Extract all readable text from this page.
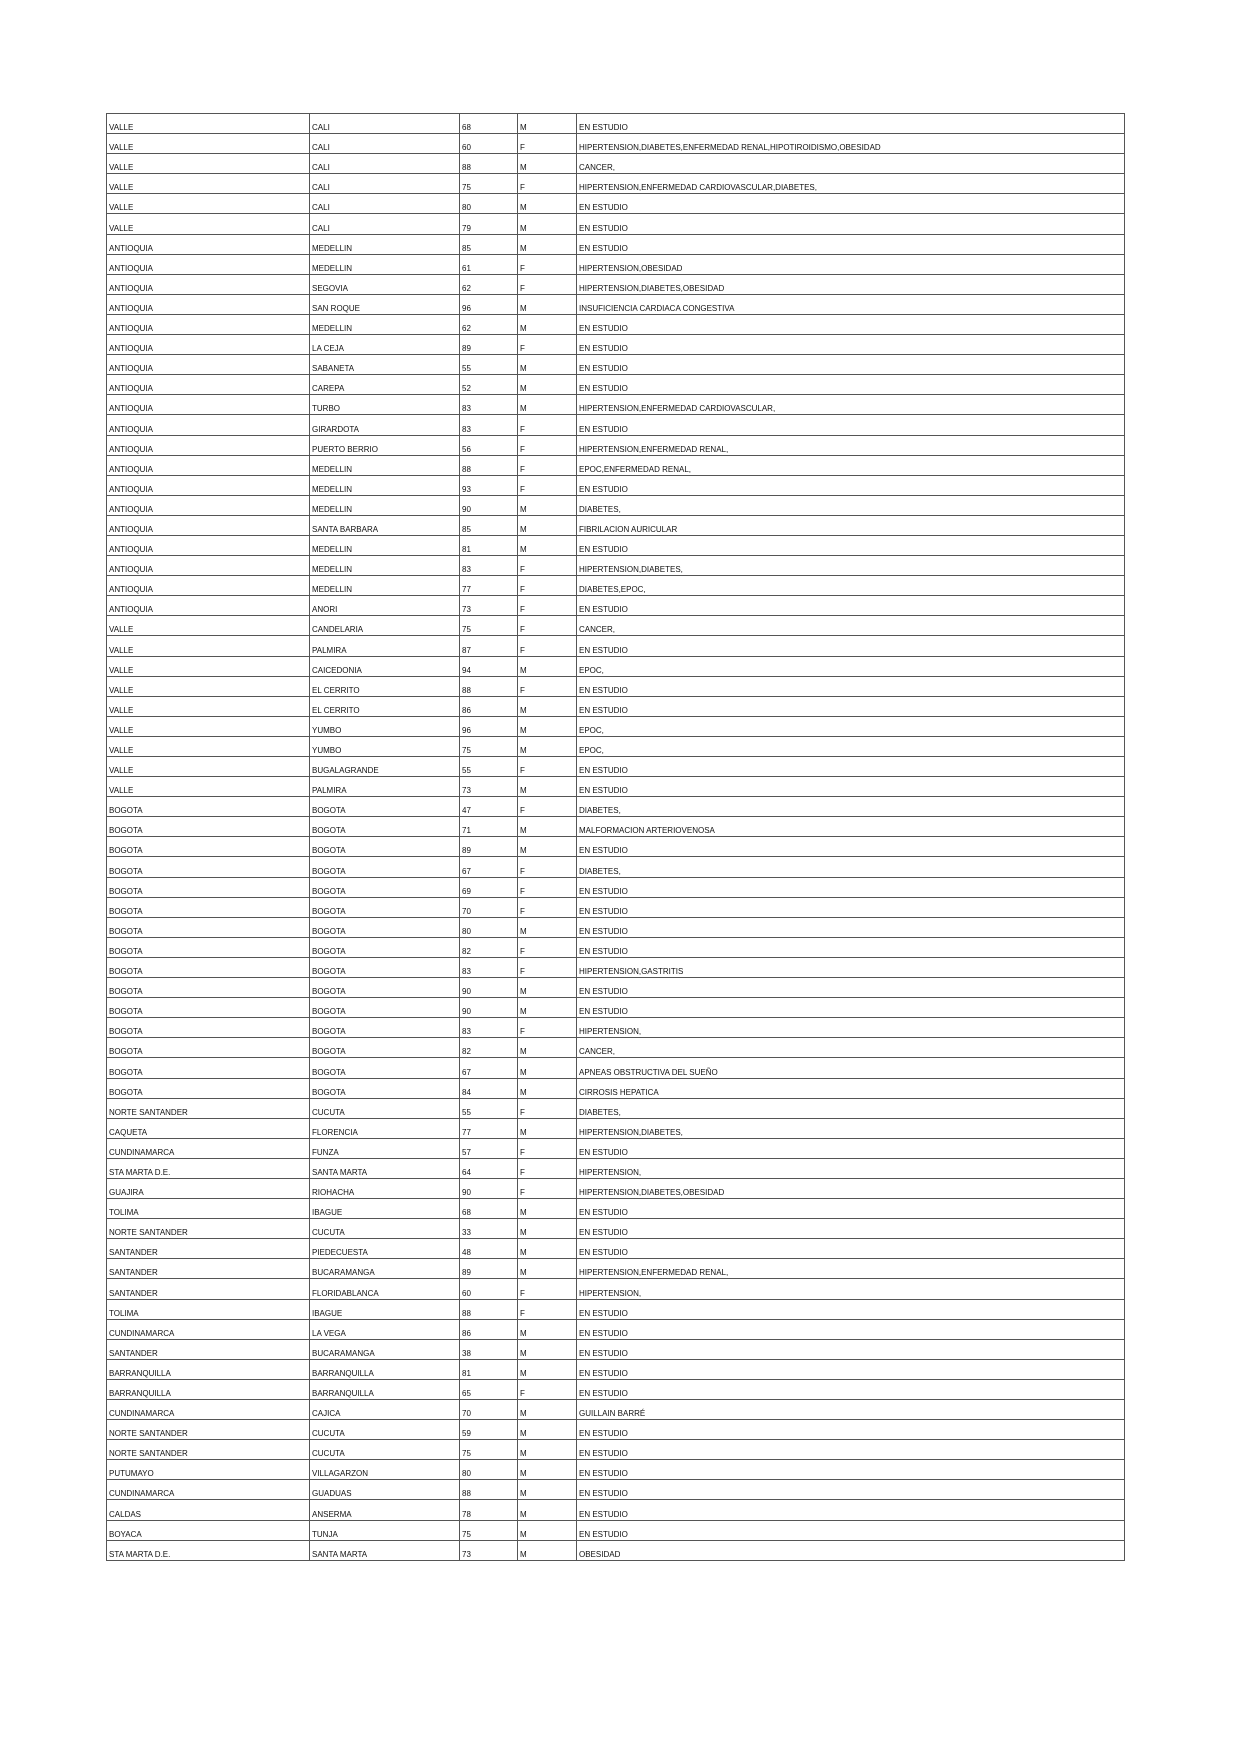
VALLE	CALI	68	M	EN ESTUDIO
VALLE	CALI	60	F	HIPERTENSION,DIABETES,ENFERMEDAD RENAL,HIPOTIROIDISMO,OBESIDAD
VALLE	CALI	88	M	CANCER,
VALLE	CALI	75	F	HIPERTENSION,ENFERMEDAD CARDIOVASCULAR,DIABETES,
VALLE	CALI	80	M	EN ESTUDIO
VALLE	CALI	79	M	EN ESTUDIO
ANTIOQUIA	MEDELLIN	85	M	EN ESTUDIO
ANTIOQUIA	MEDELLIN	61	F	HIPERTENSION,OBESIDAD
ANTIOQUIA	SEGOVIA	62	F	HIPERTENSION,DIABETES,OBESIDAD
ANTIOQUIA	SAN ROQUE	96	M	INSUFICIENCIA CARDIACA CONGESTIVA
ANTIOQUIA	MEDELLIN	62	M	EN ESTUDIO
ANTIOQUIA	LA CEJA	89	F	EN ESTUDIO
ANTIOQUIA	SABANETA	55	M	EN ESTUDIO
ANTIOQUIA	CAREPA	52	M	EN ESTUDIO
ANTIOQUIA	TURBO	83	M	HIPERTENSION,ENFERMEDAD CARDIOVASCULAR,
ANTIOQUIA	GIRARDOTA	83	F	EN ESTUDIO
ANTIOQUIA	PUERTO BERRIO	56	F	HIPERTENSION,ENFERMEDAD RENAL,
ANTIOQUIA	MEDELLIN	88	F	EPOC,ENFERMEDAD RENAL,
ANTIOQUIA	MEDELLIN	93	F	EN ESTUDIO
ANTIOQUIA	MEDELLIN	90	M	DIABETES,
ANTIOQUIA	SANTA BARBARA	85	M	FIBRILACION AURICULAR
ANTIOQUIA	MEDELLIN	81	M	EN ESTUDIO
ANTIOQUIA	MEDELLIN	83	F	HIPERTENSION,DIABETES,
ANTIOQUIA	MEDELLIN	77	F	DIABETES,EPOC,
ANTIOQUIA	ANORI	73	F	EN ESTUDIO
VALLE	CANDELARIA	75	F	CANCER,
VALLE	PALMIRA	87	F	EN ESTUDIO
VALLE	CAICEDONIA	94	M	EPOC,
VALLE	EL CERRITO	88	F	EN ESTUDIO
VALLE	EL CERRITO	86	M	EN ESTUDIO
VALLE	YUMBO	96	M	EPOC,
VALLE	YUMBO	75	M	EPOC,
VALLE	BUGALAGRANDE	55	F	EN ESTUDIO
VALLE	PALMIRA	73	M	EN ESTUDIO
BOGOTA	BOGOTA	47	F	DIABETES,
BOGOTA	BOGOTA	71	M	MALFORMACION ARTERIOVENOSA
BOGOTA	BOGOTA	89	M	EN ESTUDIO
BOGOTA	BOGOTA	67	F	DIABETES,
BOGOTA	BOGOTA	69	F	EN ESTUDIO
BOGOTA	BOGOTA	70	F	EN ESTUDIO
BOGOTA	BOGOTA	80	M	EN ESTUDIO
BOGOTA	BOGOTA	82	F	EN ESTUDIO
BOGOTA	BOGOTA	83	F	HIPERTENSION,GASTRITIS
BOGOTA	BOGOTA	90	M	EN ESTUDIO
BOGOTA	BOGOTA	90	M	EN ESTUDIO
BOGOTA	BOGOTA	83	F	HIPERTENSION,
BOGOTA	BOGOTA	82	M	CANCER,
BOGOTA	BOGOTA	67	M	APNEAS OBSTRUCTIVA DEL SUEÑO
BOGOTA	BOGOTA	84	M	CIRROSIS HEPATICA
NORTE SANTANDER	CUCUTA	55	F	DIABETES,
CAQUETA	FLORENCIA	77	M	HIPERTENSION,DIABETES,
CUNDINAMARCA	FUNZA	57	F	EN ESTUDIO
STA MARTA D.E.	SANTA MARTA	64	F	HIPERTENSION,
GUAJIRA	RIOHACHA	90	F	HIPERTENSION,DIABETES,OBESIDAD
TOLIMA	IBAGUE	68	M	EN ESTUDIO
NORTE SANTANDER	CUCUTA	33	M	EN ESTUDIO
SANTANDER	PIEDECUESTA	48	M	EN ESTUDIO
SANTANDER	BUCARAMANGA	89	M	HIPERTENSION,ENFERMEDAD RENAL,
SANTANDER	FLORIDABLANCA	60	F	HIPERTENSION,
TOLIMA	IBAGUE	88	F	EN ESTUDIO
CUNDINAMARCA	LA VEGA	86	M	EN ESTUDIO
SANTANDER	BUCARAMANGA	38	M	EN ESTUDIO
BARRANQUILLA	BARRANQUILLA	81	M	EN ESTUDIO
BARRANQUILLA	BARRANQUILLA	65	F	EN ESTUDIO
CUNDINAMARCA	CAJICA	70	M	GUILLAIN BARRÉ
NORTE SANTANDER	CUCUTA	59	M	EN ESTUDIO
NORTE SANTANDER	CUCUTA	75	M	EN ESTUDIO
PUTUMAYO	VILLAGARZON	80	M	EN ESTUDIO
CUNDINAMARCA	GUADUAS	88	M	EN ESTUDIO
CALDAS	ANSERMA	78	M	EN ESTUDIO
BOYACA	TUNJA	75	M	EN ESTUDIO
STA MARTA D.E.	SANTA MARTA	73	M	OBESIDAD
